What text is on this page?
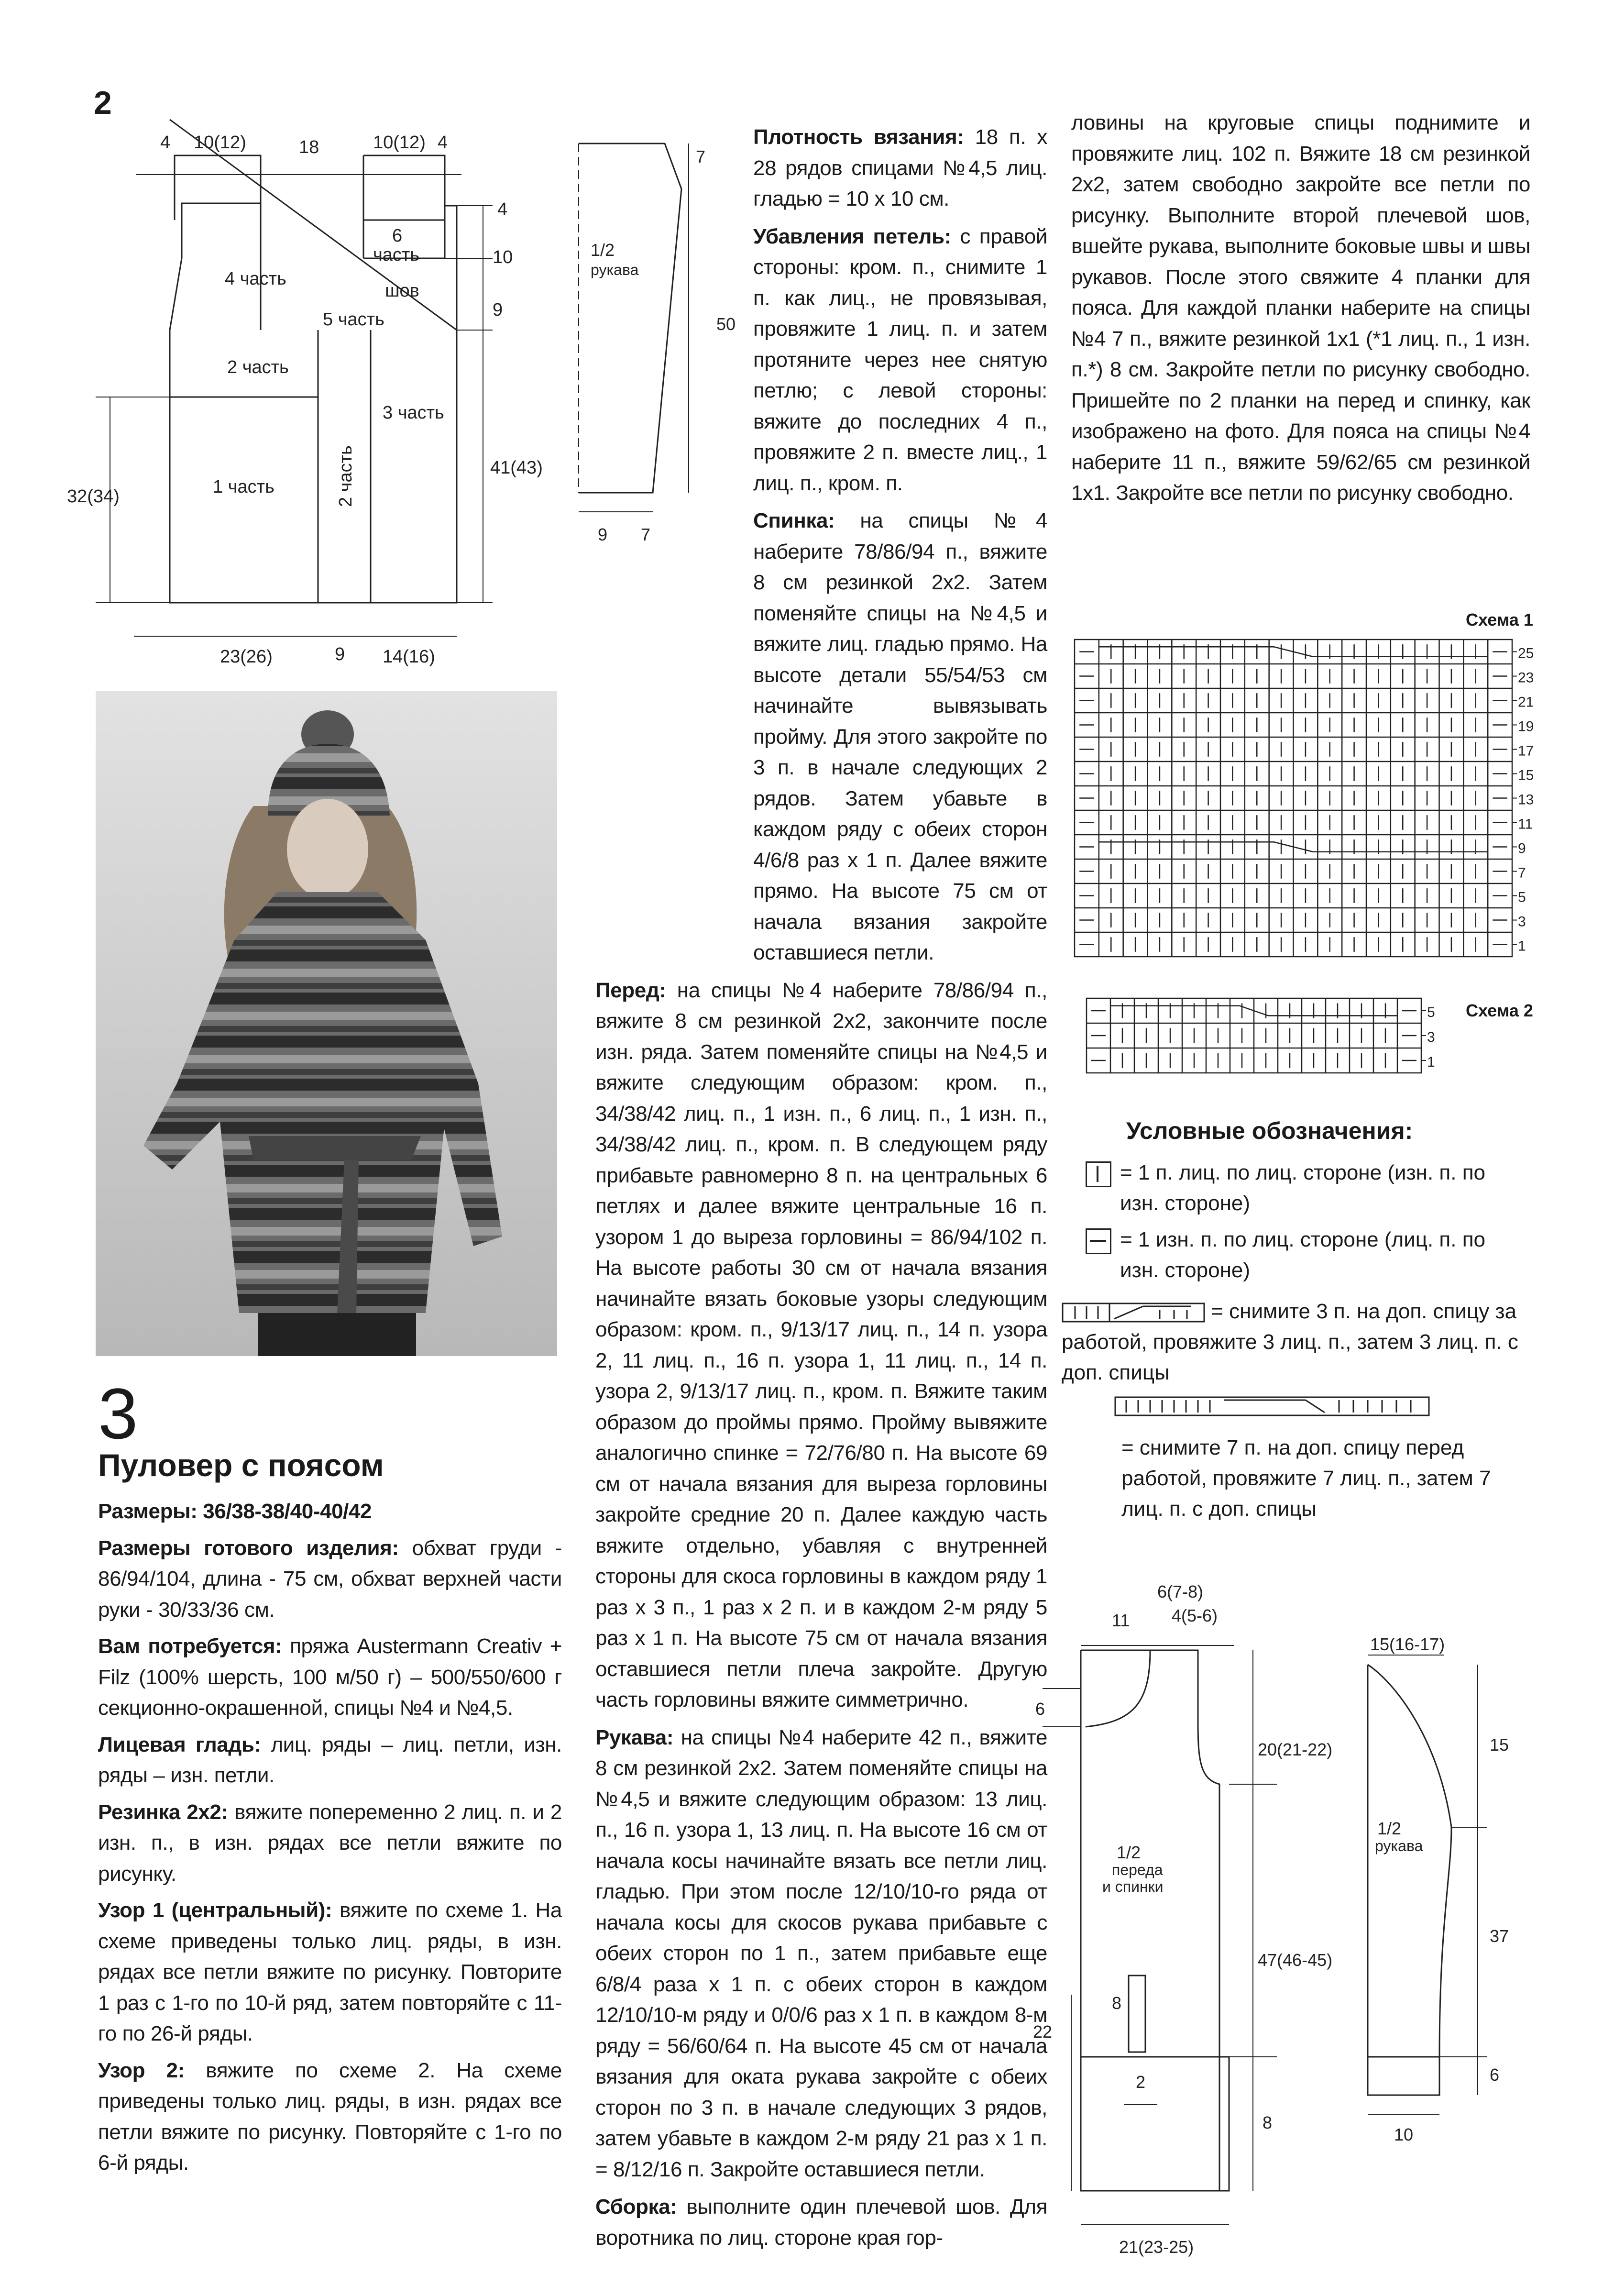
2
4 10(12)	18	10(12) 4
4
10
9
41(43)
32(34)
23(26)	9 14(16)
4 часть
6
часть
шов
5 часть
2 часть
3 часть
1 часть	2 часть
7
50
9 7
1/2
рукава
3
Пуловер с поясом

Размеры: 36/38-38/40-40/42

Размеры готового изделия: обхват груди - 86/94/104, длина - 75 см, обхват верхней части руки - 30/33/36 см.

Вам потребуется: пряжа Austermann Creativ + Filz (100% шерсть, 100 м/50 г) – 500/550/600 г секционно-окрашенной, спицы №4 и №4,5.

Лицевая гладь: лиц. ряды – лиц. петли, изн. ряды – изн. петли.

Резинка 2х2: вяжите попеременно 2 лиц. п. и 2 изн. п., в изн. рядах все петли вяжите по рисунку.

Узор 1 (центральный): вяжите по схеме 1. На схеме приведены только лиц. ряды, в изн. рядах все петли вяжите по рисунку. Повторите 1 раз с 1-го по 10-й ряд, затем повторяйте с 11-го по 26-й ряды.

Узор 2: вяжите по схеме 2. На схеме приведены только лиц. ряды, в изн. рядах все петли вяжите по рисунку. Повторяйте с 1-го по 6-й ряды.

Плотность вязания: 18 п. х 28 рядов спицами №4,5 лиц. гладью = 10 х 10 см.
Убавления петель: с правой стороны: кром. п., снимите 1 п. как лиц., не провязывая, провяжите 1 лиц. п. и затем протяните через нее снятую петлю; с левой стороны: вяжите до последних 4 п., провяжите 2 п. вместе лиц., 1 лиц. п., кром. п.
Спинка: на спицы №4 наберите 78/86/94 п., вяжите 8 см резинкой 2х2. Затем поменяйте спицы на №4,5 и вяжите лиц. гладью прямо. На высоте детали 55/54/53 см начинайте вывязывать пройму. Для этого закройте по 3 п. в начале следующих 2 рядов. Затем убавьте в каждом ряду с обеих сторон 4/6/8 раз х 1 п. Далее вяжите прямо. На высоте 75 см от начала вязания закройте оставшиеся петли.
Перед: на спицы №4 наберите 78/86/94 п., вяжите 8 см резинкой 2х2, закончите после изн. ряда. Затем поменяйте спицы на №4,5 и вяжите следующим образом: кром. п., 34/38/42 лиц. п., 1 изн. п., 6 лиц. п., 1 изн. п., 34/38/42 лиц. п., кром. п. В следующем ряду прибавьте равномерно 8 п. на центральных 6 петлях и далее вяжите центральные 16 п. узором 1 до выреза горловины = 86/94/102 п. На высоте работы 30 см от начала вязания начинайте вязать боковые узоры следующим образом: кром. п., 9/13/17 лиц. п., 14 п. узора 2, 11 лиц. п., 16 п. узора 1, 11 лиц. п., 14 п. узора 2, 9/13/17 лиц. п., кром. п. Вяжите таким образом до проймы прямо. Пройму вывяжите аналогично спинке = 72/76/80 п. На высоте 69 см от начала вязания для выреза горловины закройте средние 20 п. Далее каждую часть вяжите отдельно, убавляя с внутренней стороны для скоса горловины в каждом ряду 1 раз х 3 п., 1 раз х 2 п. и в каждом 2-м ряду 5 раз х 1 п. На высоте 75 см от начала вязания оставшиеся петли плеча закройте. Другую часть горловины вяжите симметрично.
Рукава: на спицы №4 наберите 42 п., вяжите 8 см резинкой 2х2. Затем поменяйте спицы на №4,5 и вяжите следующим образом: 13 лиц. п., 16 п. узора 1, 13 лиц. п. На высоте 16 см от начала косы начинайте вязать все петли лиц. гладью. При этом после 12/10/10-го ряда от начала косы для скосов рукава прибавьте с обеих сторон по 1 п., затем прибавьте еще 6/8/4 раза х 1 п. с обеих сторон в каждом 12/10/10-м ряду и 0/0/6 раз х 1 п. в каждом 8-м ряду = 56/60/64 п. На высоте 45 см от начала вязания для оката рукава закройте с обеих сторон по 3 п. в начале следующих 3 рядов, затем убавьте в каждом 2-м ряду 21 раз х 1 п. = 8/12/16 п. Закройте оставшиеся петли.
Сборка: выполните один плечевой шов. Для воротника по лиц. стороне края гор-
ловины на круговые спицы поднимите и провяжите лиц. 102 п. Вяжите 18 см резинкой 2х2, затем свободно закройте все петли по рисунку. Выполните второй плечевой шов, вшейте рукава, выполните боковые швы и швы рукавов. После этого свяжите 4 планки для пояса. Для каждой планки наберите на спицы №4 7 п., вяжите резинкой 1х1 (*1 лиц. п., 1 изн. п.*) 8 см. Закройте петли по рисунку свободно. Пришейте по 2 планки на перед и спинку, как изображено на фото. Для пояса на спицы №4 наберите 11 п., вяжите 59/62/65 см резинкой 1х1. Закройте все петли по рисунку свободно.
Схема 1
25
23
21
19
17
15
13
11
9
7
5
3
1
Схема 2
5
3
1
Условные обозначения:
= 1 п. лиц. по лиц. стороне (изн. п. по изн. стороне)
= 1 изн. п. по лиц. стороне (лиц. п. по изн. стороне)
= снимите 3 п. на доп. спицу за работой, провяжите 3 лиц. п., затем 3 лиц. п. с доп. спицы
= снимите 7 п. на доп. спицу перед работой, провяжите 7 лиц. п., затем 7 лиц. п. с доп. спицы
6(7-8)
11 4(5-6)
6
20(21-22)
8
47(46-45)
2
22
8
21(23-25)
1/2
переда
и спинки
15(16-17)
15
37
6
10
1/2
рукава
